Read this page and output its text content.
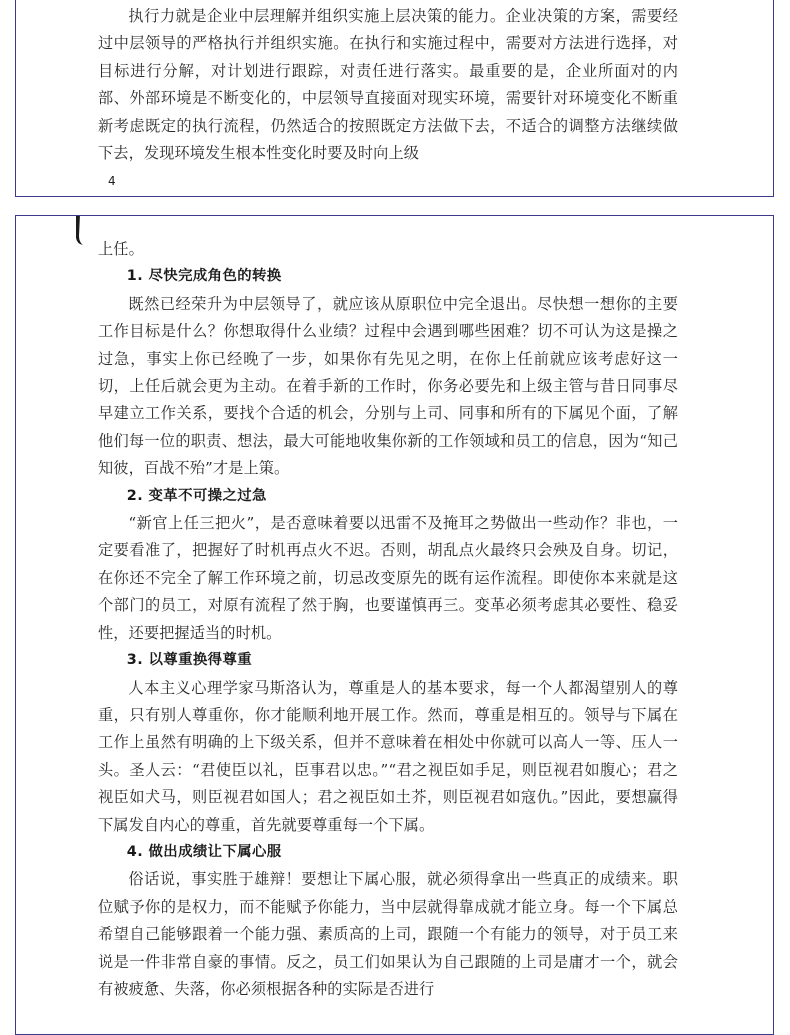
执行力就是企业中层理解并组织实施上层决策的能力。企业决策的方案，需要经过中层领导的严格执行并组织实施。在执行和实施过程中，需要对方法进行选择，对目标进行分解，对计划进行跟踪，对责任进行落实。最重要的是，企业所面对的内部、外部环境是不断变化的，中层领导直接面对现实环境，需要针对环境变化不断重新考虑既定的执行流程，仍然适合的按照既定方法做下去，不适合的调整方法继续做下去，发现环境发生根本性变化时要及时向上级

4

上任。

1. 尽快完成角色的转换

既然已经荣升为中层领导了，就应该从原职位中完全退出。尽快想一想你的主要工作目标是什么？你想取得什么业绩？过程中会遇到哪些困难？切不可认为这是操之过急，事实上你已经晚了一步，如果你有先见之明，在你上任前就应该考虑好这一切，上任后就会更为主动。在着手新的工作时，你务必要先和上级主管与昔日同事尽早建立工作关系，要找个合适的机会，分别与上司、同事和所有的下属见个面，了解他们每一位的职责、想法，最大可能地收集你新的工作领域和员工的信息，因为“知己知彼，百战不殆”才是上策。

2. 变革不可操之过急

“新官上任三把火”，是否意味着要以迅雷不及掩耳之势做出一些动作？非也，一定要看准了，把握好了时机再点火不迟。否则，胡乱点火最终只会殃及自身。切记，在你还不完全了解工作环境之前，切忌改变原先的既有运作流程。即使你本来就是这个部门的员工，对原有流程了然于胸，也要谨慎再三。变革必须考虑其必要性、稳妥性，还要把握适当的时机。

3. 以尊重换得尊重

人本主义心理学家马斯洛认为，尊重是人的基本要求，每一个人都渴望别人的尊重，只有别人尊重你，你才能顺利地开展工作。然而，尊重是相互的。领导与下属在工作上虽然有明确的上下级关系，但并不意味着在相处中你就可以高人一等、压人一头。圣人云：“君使臣以礼，臣事君以忠。”“君之视臣如手足，则臣视君如腹心；君之视臣如犬马，则臣视君如国人；君之视臣如土芥，则臣视君如寇仇。”因此，要想赢得下属发自内心的尊重，首先就要尊重每一个下属。

4. 做出成绩让下属心服

俗话说，事实胜于雄辩！要想让下属心服，就必须得拿出一些真正的成绩来。职位赋予你的是权力，而不能赋予你能力，当中层就得靠成就才能立身。每一个下属总希望自己能够跟着一个能力强、素质高的上司，跟随一个有能力的领导，对于员工来说是一件非常自豪的事情。反之，员工们如果认为自己跟随的上司是庸才一个，就会有被疲惫、失落，你必须根据各种的实际是否进行
